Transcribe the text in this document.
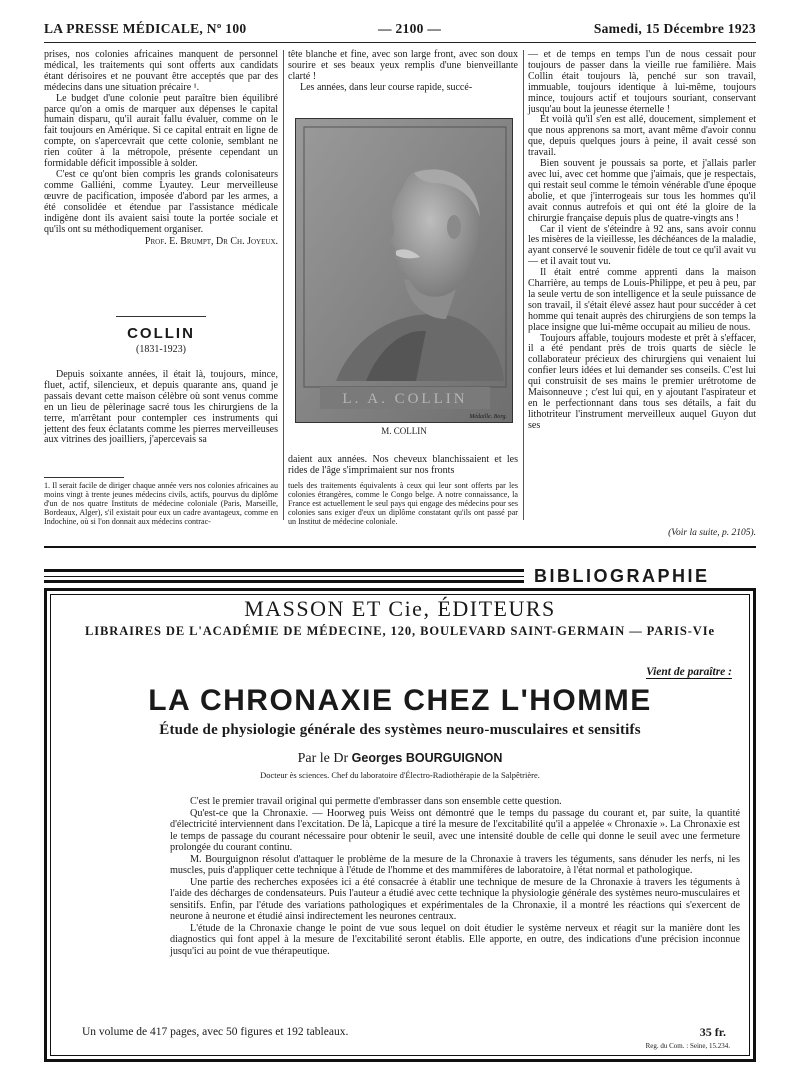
LA PRESSE MÉDICALE, Nº 100	— 2100 —	Samedi, 15 Décembre 1923

prises, nos colonies africaines manquent de personnel médical, les traitements qui sont offerts aux candidats étant dérisoires et ne pouvant être acceptés que par des médecins dans une situation précaire ¹.

Le budget d'une colonie peut paraître bien équilibré parce qu'on a omis de marquer aux dépenses le capital humain disparu, qu'il aurait fallu évaluer, comme on le fait toujours en Amérique. Si ce capital entrait en ligne de compte, on s'apercevrait que cette colonie, semblant ne rien coûter à la métropole, présente cependant un formidable déficit impossible à solder.

C'est ce qu'ont bien compris les grands colonisateurs comme Galliéni, comme Lyautey. Leur merveilleuse œuvre de pacification, imposée d'abord par les armes, a été consolidée et étendue par l'assistance médicale indigène dont ils avaient saisi toute la portée sociale et qu'ils ont su méthodiquement organiser.

Prof. E. Brumpt, Dr Ch. Joyeux.

COLLIN
(1831-1923)

Depuis soixante années, il était là, toujours, mince, fluet, actif, silencieux, et depuis quarante ans, quand je passais devant cette maison célèbre où sont venus comme en un lieu de pèlerinage sacré tous les chirurgiens de la terre, m'arrêtant pour contempler ces instruments qui jettent des feux éclatants comme les pierres merveilleuses aux vitrines des joailliers, j'apercevais sa

tête blanche et fine, avec son large front, avec son doux sourire et ses beaux yeux remplis d'une bienveillante clarté !

Les années, dans leur course rapide, succé-

L. A. COLLIN
Médaille. Borg.
M. COLLIN

daient aux années. Nos cheveux blanchissaient et les rides de l'âge s'imprimaient sur nos fronts

— et de temps en temps l'un de nous cessait pour toujours de passer dans la vieille rue familière. Mais Collin était toujours là, penché sur son travail, immuable, toujours identique à lui-même, toujours mince, toujours actif et toujours souriant, conservant jusqu'au bout la jeunesse éternelle !

Et voilà qu'il s'en est allé, doucement, simplement et que nous apprenons sa mort, avant même d'avoir connu que, depuis quelques jours à peine, il avait cessé son travail.

Bien souvent je poussais sa porte, et j'allais parler avec lui, avec cet homme que j'aimais, que je respectais, qui restait seul comme le témoin vénérable d'une époque abolie, et que j'interrogeais sur tous les hommes qu'il avait connus autrefois et qui ont été la gloire de la chirurgie française depuis plus de quatre-vingts ans !

Car il vient de s'éteindre à 92 ans, sans avoir connu les misères de la vieillesse, les déchéances de la maladie, ayant conservé le souvenir fidèle de tout ce qu'il avait vu — et il avait tout vu.

Il était entré comme apprenti dans la maison Charrière, au temps de Louis-Philippe, et peu à peu, par la seule vertu de son intelligence et la seule puissance de son travail, il s'était élevé assez haut pour succéder à cet homme qui tenait auprès des chirurgiens de son temps la place insigne que lui-même occupait au milieu de nous.

Toujours affable, toujours modeste et prêt à s'effacer, il a été pendant près de trois quarts de siècle le collaborateur précieux des chirurgiens qui venaient lui confier leurs idées et lui demander ses conseils. C'est lui qui construisit de ses mains le premier urétrotome de Maisonneuve ; c'est lui qui, en y ajoutant l'aspirateur et en le perfectionnant dans tous ses détails, a fait du lithotriteur l'instrument merveilleux auquel Guyon dut ses

(Voir la suite, p. 2105).
1. Il serait facile de diriger chaque année vers nos colonies africaines au moins vingt à trente jeunes médecins civils, actifs, pourvus du diplôme d'un de nos quatre Instituts de médecine coloniale (Paris, Marseille, Bordeaux, Alger), s'il existait pour eux un cadre avantageux, comme en Indochine, où si l'on donnait aux médecins contrac-
tuels des traitements équivalents à ceux qui leur sont offerts par les colonies étrangères, comme le Congo belge. A notre connaissance, la France est actuellement le seul pays qui engage des médecins pour ses colonies sans exiger d'eux un diplôme constatant qu'ils ont passé par un Institut de médecine coloniale.
BIBLIOGRAPHIE
MASSON ET Cie, ÉDITEURS
LIBRAIRES DE L'ACADÉMIE DE MÉDECINE, 120, BOULEVARD SAINT-GERMAIN — PARIS-VIe
Vient de paraître :
LA CHRONAXIE CHEZ L'HOMME
Étude de physiologie générale des systèmes neuro-musculaires et sensitifs
Par le Dr Georges BOURGUIGNON
Docteur ès sciences. Chef du laboratoire d'Électro-Radiothérapie de la Salpêtrière.

C'est le premier travail original qui permette d'embrasser dans son ensemble cette question.

Qu'est-ce que la Chronaxie. — Hoorweg puis Weiss ont démontré que le temps du passage du courant et, par suite, la quantité d'électricité interviennent dans l'excitation. De là, Lapicque a tiré la mesure de l'excitabilité qu'il a appelée « Chronaxie ». La Chronaxie est le temps de passage du courant nécessaire pour obtenir le seuil, avec une intensité double de celle qui donne le seuil avec une fermeture prolongée du courant continu.

M. Bourguignon résolut d'attaquer le problème de la mesure de la Chronaxie à travers les téguments, sans dénuder les nerfs, ni les muscles, puis d'appliquer cette technique à l'étude de l'homme et des mammifères de laboratoire, à l'état normal et pathologique.

Une partie des recherches exposées ici a été consacrée à établir une technique de mesure de la Chronaxie à travers les téguments à l'aide des décharges de condensateurs. Puis l'auteur a étudié avec cette technique la physiologie générale des systèmes neuro-musculaires et sensitifs. Enfin, par l'étude des variations pathologiques et expérimentales de la Chronaxie, il a montré les réactions qui s'exercent de neurone à neurone et étudié ainsi indirectement les neurones centraux.

L'étude de la Chronaxie change le point de vue sous lequel on doit étudier le système nerveux et réagit sur la manière dont les diagnostics qui font appel à la mesure de l'excitabilité seront établis. Elle apporte, en outre, des indications d'une précision inconnue jusqu'ici au point de vue thérapeutique.

Un volume de 417 pages, avec 50 figures et 192 tableaux.	35 fr.
Reg. du Com. : Seine, 15.234.
